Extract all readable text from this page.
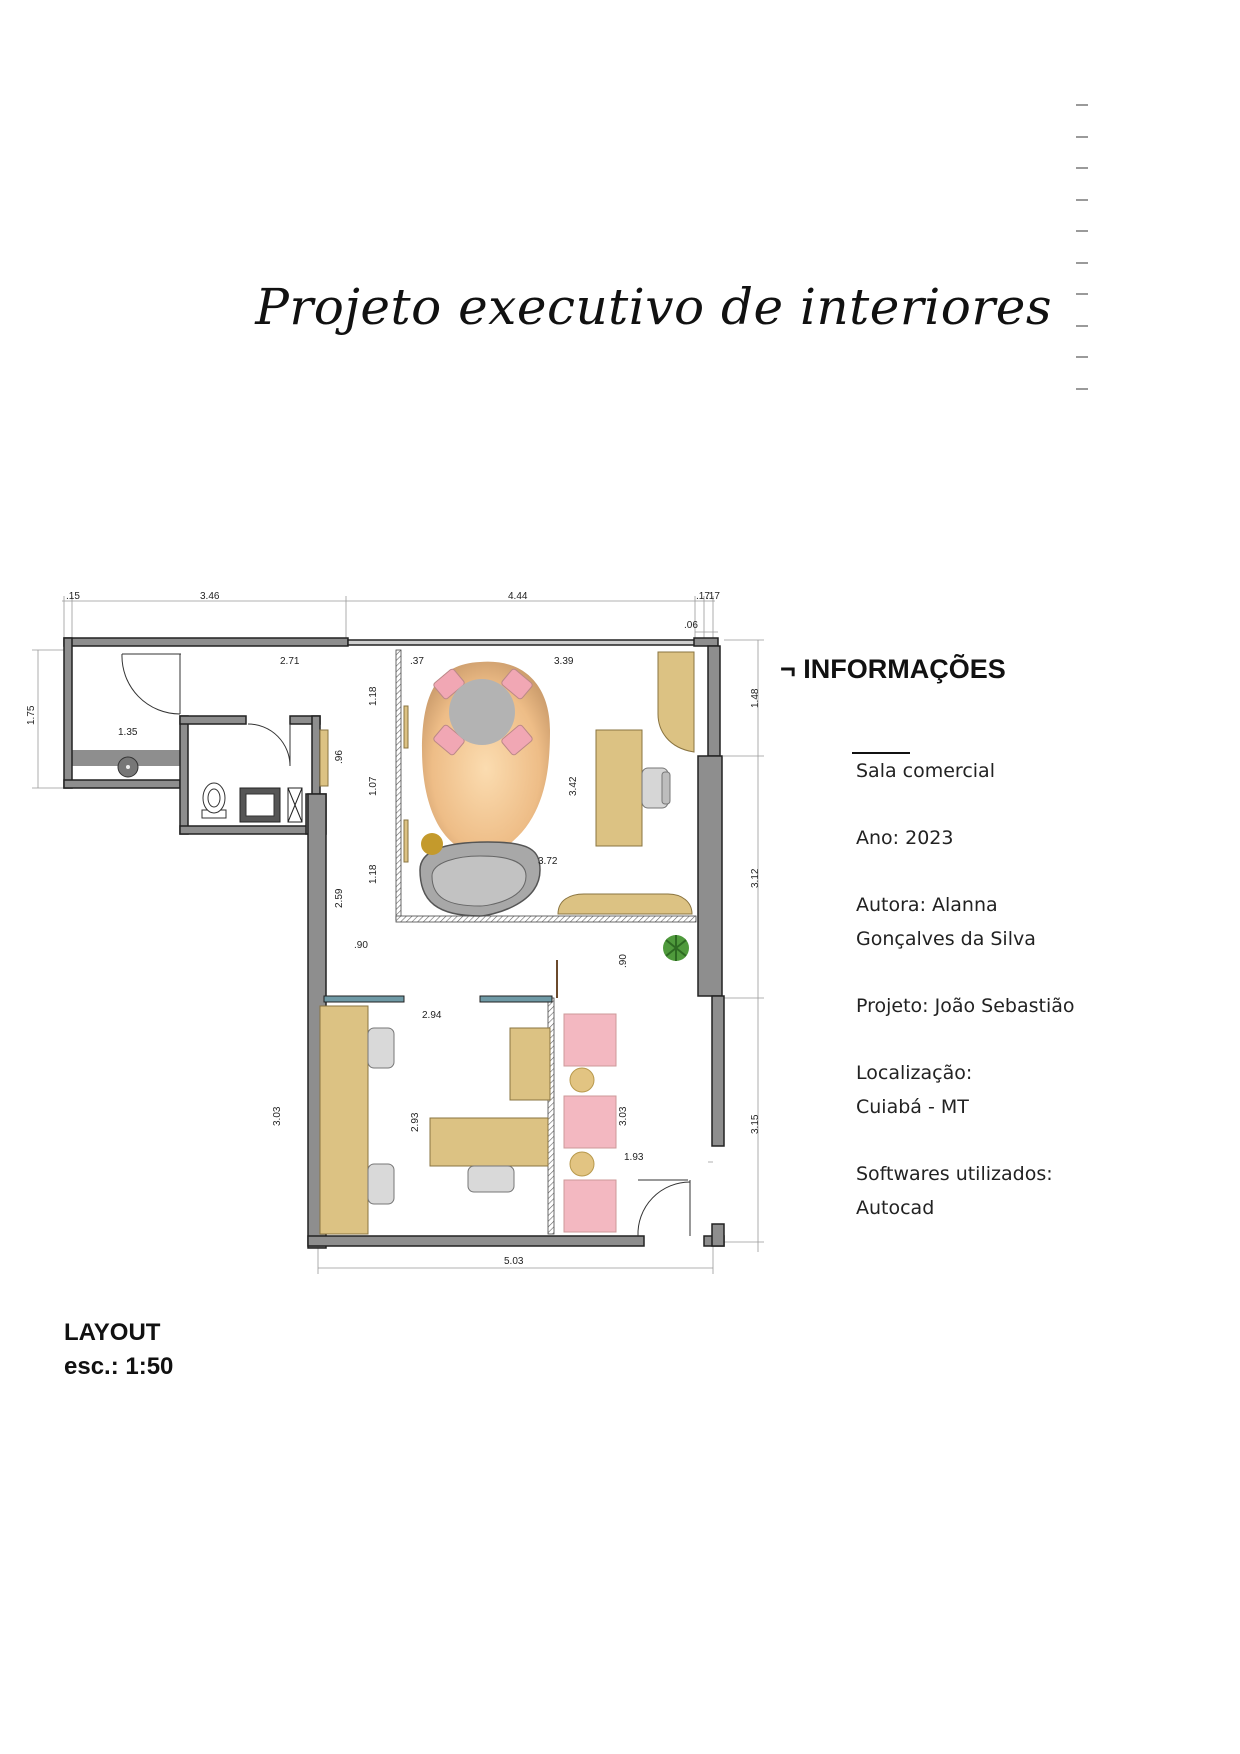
Projeto executivo de interiores
.15	3.46	4.44	.17
.17
.06
1.75
2.71
1.35
.37	3.39
1.18
1.07
1.18
.96
3.42
3.72
2.59
.90
.90
1.48
3.12
3.15
2.94
3.03	2.93	3.03
1.93
5.03
¬ INFORMAÇÕES
Sala comercial
Ano: 2023
Autora: Alanna
Gonçalves da Silva
Projeto: João Sebastião
Localização:
Cuiabá - MT
Softwares utilizados:
Autocad
LAYOUT
esc.: 1:50
